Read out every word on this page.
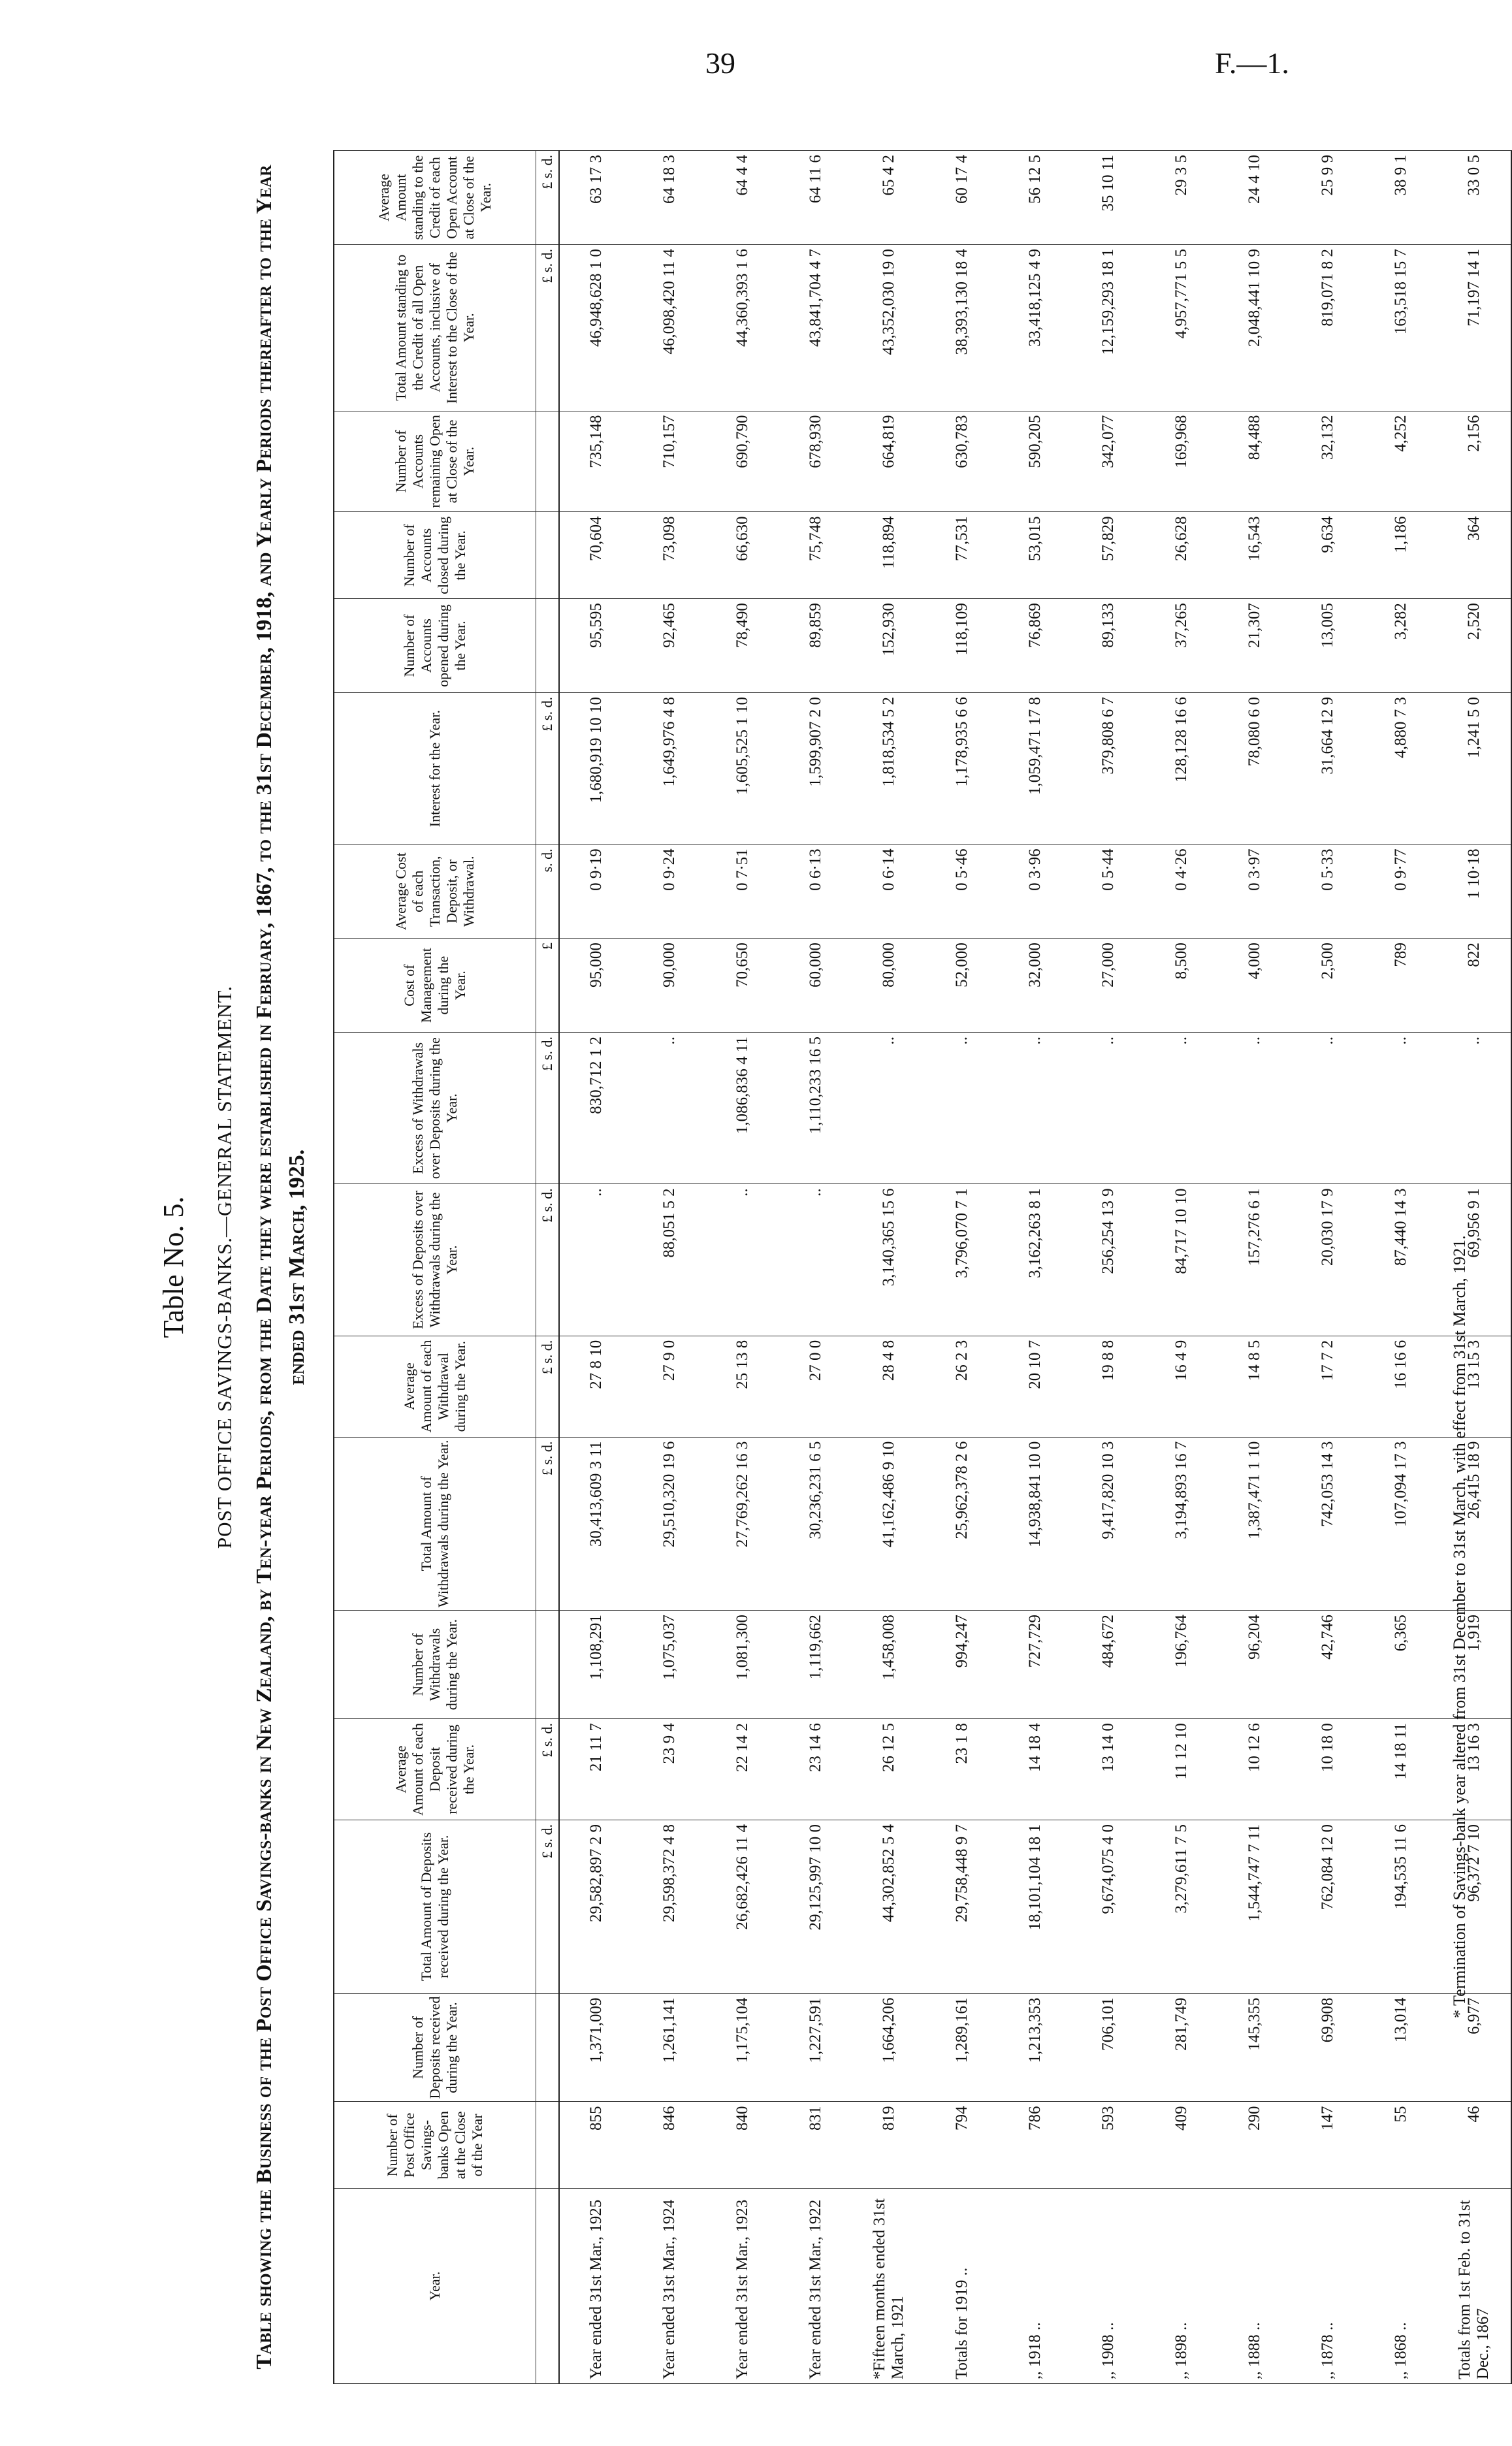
39	F.—1.
Table No. 5. POST OFFICE SAVINGS-BANKS.—GENERAL STATEMENT. Table showing the Business of the Post Office Savings-banks in New Zealand, by Ten-year Periods, from the Date they were established in February, 1867, to the 31st December, 1918, and Yearly Periods thereafter to the Year ended 31st March, 1925.
Year.	Number of Post Office Savings-banks Open at the Close of the Year	Number of Deposits received during the Year.	Total Amount of Deposits received during the Year.	Average Amount of each Deposit received during the Year.	Number of Withdrawals during the Year.	Total Amount of Withdrawals during the Year.	Average Amount of each Withdrawal during the Year.	Excess of Deposits over Withdrawals during the Year.	Excess of Withdrawals over Deposits during the Year.	Cost of Management during the Year.	Average Cost of each Transaction, Deposit, or Withdrawal.	Interest for the Year.	Number of Accounts opened during the Year.	Number of Accounts closed during the Year.	Number of Accounts remaining Open at Close of the Year.	Total Amount standing to the Credit of all Open Accounts, inclusive of Interest to the Close of the Year.	Average Amount standing to the Credit of each Open Account at Close of the Year.
			£ s. d.	£ s. d.		£ s. d.	£ s. d.	£ s. d.	£ s. d.	£	s. d.	£ s. d.				£ s. d.	£ s. d.
Year ended 31st Mar., 1925	855	1,371,009	29,582,897 2 9	21 11 7	1,108,291	30,413,609 3 11	27 8 10	..	830,712 1 2	95,000	0 9·19	1,680,919 10 10	95,595	70,604	735,148	46,948,628 1 0	63 17 3
Year ended 31st Mar., 1924	846	1,261,141	29,598,372 4 8	23 9 4	1,075,037	29,510,320 19 6	27 9 0	88,051 5 2	..	90,000	0 9·24	1,649,976 4 8	92,465	73,098	710,157	46,098,420 11 4	64 18 3
Year ended 31st Mar., 1923	840	1,175,104	26,682,426 11 4	22 14 2	1,081,300	27,769,262 16 3	25 13 8	..	1,086,836 4 11	70,650	0 7·51	1,605,525 1 10	78,490	66,630	690,790	44,360,393 1 6	64 4 4
Year ended 31st Mar., 1922	831	1,227,591	29,125,997 10 0	23 14 6	1,119,662	30,236,231 6 5	27 0 0	..	1,110,233 16 5	60,000	0 6·13	1,599,907 2 0	89,859	75,748	678,930	43,841,704 4 7	64 11 6
*Fifteen months ended 31st March, 1921	819	1,664,206	44,302,852 5 4	26 12 5	1,458,008	41,162,486 9 10	28 4 8	3,140,365 15 6	..	80,000	0 6·14	1,818,534 5 2	152,930	118,894	664,819	43,352,030 19 0	65 4 2
Totals for 1919 ..	794	1,289,161	29,758,448 9 7	23 1 8	994,247	25,962,378 2 6	26 2 3	3,796,070 7 1	..	52,000	0 5·46	1,178,935 6 6	118,109	77,531	630,783	38,393,130 18 4	60 17 4
,, 1918 ..	786	1,213,353	18,101,104 18 1	14 18 4	727,729	14,938,841 10 0	20 10 7	3,162,263 8 1	..	32,000	0 3·96	1,059,471 17 8	76,869	53,015	590,205	33,418,125 4 9	56 12 5
,, 1908 ..	593	706,101	9,674,075 4 0	13 14 0	484,672	9,417,820 10 3	19 8 8	256,254 13 9	..	27,000	0 5·44	379,808 6 7	89,133	57,829	342,077	12,159,293 18 1	35 10 11
,, 1898 ..	409	281,749	3,279,611 7 5	11 12 10	196,764	3,194,893 16 7	16 4 9	84,717 10 10	..	8,500	0 4·26	128,128 16 6	37,265	26,628	169,968	4,957,771 5 5	29 3 5
,, 1888 ..	290	145,355	1,544,747 7 11	10 12 6	96,204	1,387,471 1 10	14 8 5	157,276 6 1	..	4,000	0 3·97	78,080 6 0	21,307	16,543	84,488	2,048,441 10 9	24 4 10
,, 1878 ..	147	69,908	762,084 12 0	10 18 0	42,746	742,053 14 3	17 7 2	20,030 17 9	..	2,500	0 5·33	31,664 12 9	13,005	9,634	32,132	819,071 8 2	25 9 9
,, 1868 ..	55	13,014	194,535 11 6	14 18 11	6,365	107,094 17 3	16 16 6	87,440 14 3	..	789	0 9·77	4,880 7 3	3,282	1,186	4,252	163,518 15 7	38 9 1
Totals from 1st Feb. to 31st Dec., 1867	46	6,977	96,372 7 10	13 16 3	1,919	26,415 18 9	13 15 3	69,956 9 1	..	822	1 10·18	1,241 5 0	2,520	364	2,156	71,197 14 1	33 0 5
* Termination of Savings-bank year altered from 31st December to 31st March, with effect from 31st March, 1921.
